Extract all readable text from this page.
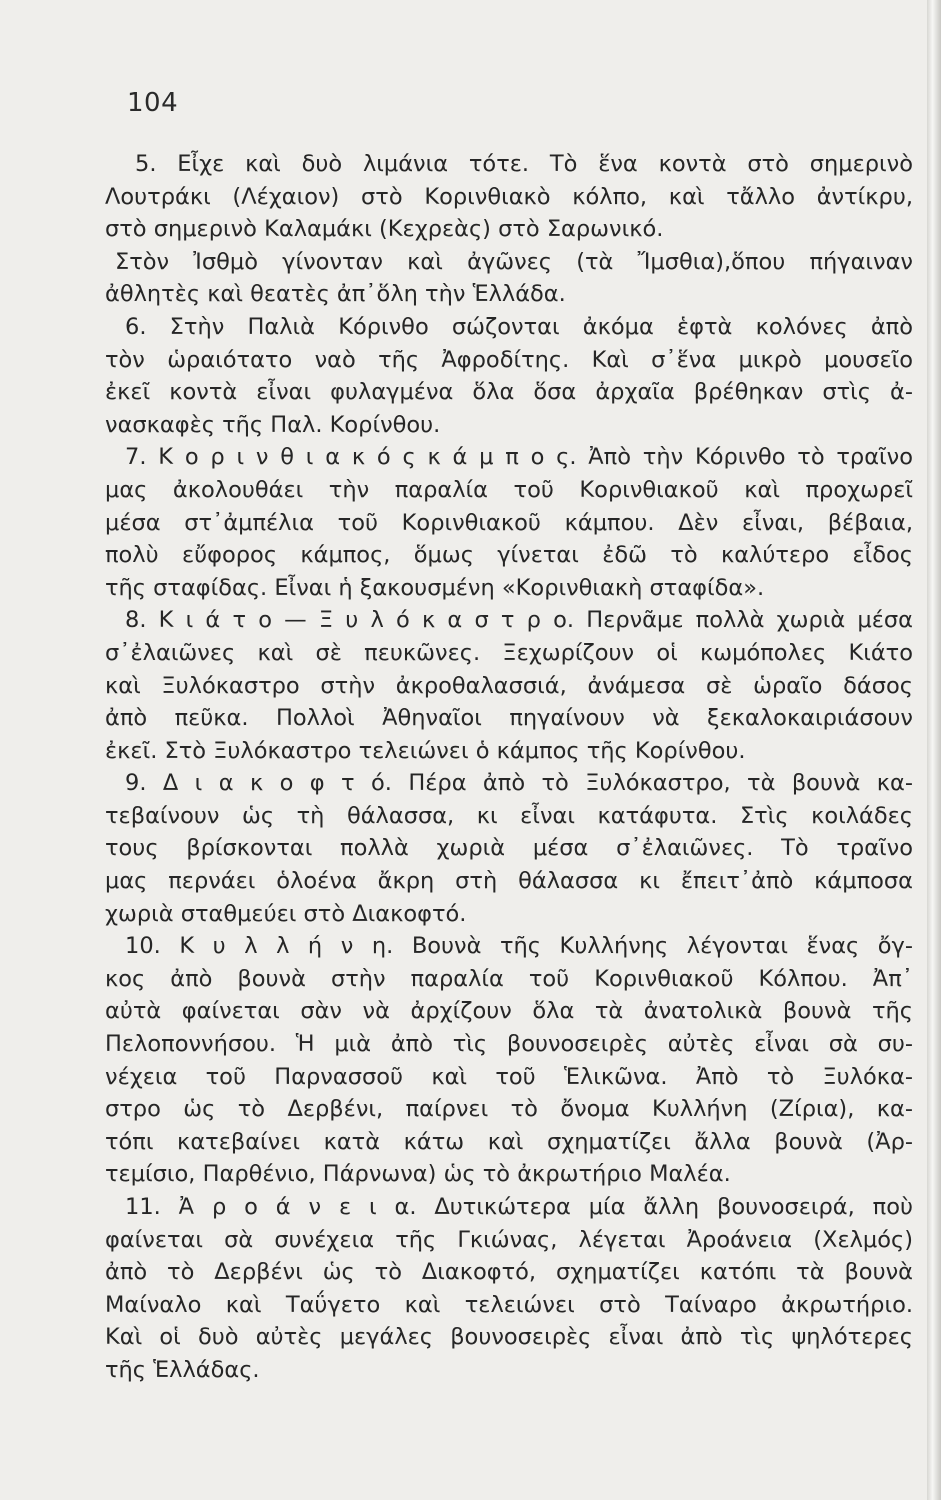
104
5. Εἶχε καὶ δυὸ λιμάνια τότε. Τὸ ἕνα κοντὰ στὸ σημερινὸ
Λουτράκι (Λέχαιον) στὸ Κορινθιακὸ κόλπο, καὶ τἄλλο ἀντίκρυ,
στὸ σημερινὸ Καλαμάκι (Κεχρεὰς) στὸ Σαρωνικό.
Στὸν Ἰσθμὸ γίνονταν καὶ ἀγῶνες (τὰ Ἴμσθια),ὅπου πήγαιναν
ἀθλητὲς καὶ θεατὲς ἀπ᾿ὅλη τὴν Ἑλλάδα.
6. Στὴν Παλιὰ Κόρινθο σώζονται ἀκόμα ἑφτὰ κολόνες ἀπὸ
τὸν ὡραιότατο ναὸ τῆς Ἀφροδίτης. Καὶ σ᾿ἕνα μικρὸ μουσεῖο
ἐκεῖ κοντὰ εἶναι φυλαγμένα ὅλα ὅσα ἀρχαῖα βρέθηκαν στὶς ἀ-
νασκαφὲς τῆς Παλ. Κορίνθου.
7. Κ ο ρ ι ν θ ι α κ ό ς κ ά μ π ο ς. Ἀπὸ τὴν Κόρινθο τὸ τραῖνο
μας ἀκολουθάει τὴν παραλία τοῦ Κορινθιακοῦ καὶ προχωρεῖ
μέσα στ᾿ἀμπέλια τοῦ Κορινθιακοῦ κάμπου. Δὲν εἶναι, βέβαια,
πολὺ εὔφορος κάμπος, ὅμως γίνεται ἐδῶ τὸ καλύτερο εἶδος
τῆς σταφίδας. Εἶναι ἡ ξακουσμένη «Κορινθιακὴ σταφίδα».
8. Κ ι ά τ ο — Ξ υ λ ό κ α σ τ ρ ο. Περνᾶμε πολλὰ χωριὰ μέσα
σ᾿ἐλαιῶνες καὶ σὲ πευκῶνες. Ξεχωρίζουν οἱ κωμόπολες Κιάτο
καὶ Ξυλόκαστρο στὴν ἀκροθαλασσιά, ἀνάμεσα σὲ ὡραῖο δάσος
ἀπὸ πεῦκα. Πολλοὶ Ἀθηναῖοι πηγαίνουν νὰ ξεκαλοκαιριάσουν
ἐκεῖ. Στὸ Ξυλόκαστρο τελειώνει ὁ κάμπος τῆς Κορίνθου.
9. Δ ι α κ ο φ τ ό. Πέρα ἀπὸ τὸ Ξυλόκαστρο, τὰ βουνὰ κα-
τεβαίνουν ὡς τὴ θάλασσα, κι εἶναι κατάφυτα. Στὶς κοιλάδες
τους βρίσκονται πολλὰ χωριὰ μέσα σ᾿ἐλαιῶνες. Τὸ τραῖνο
μας περνάει ὁλοένα ἄκρη στὴ θάλασσα κι ἔπειτ᾿ἀπὸ κάμποσα
χωριὰ σταθμεύει στὸ Διακοφτό.
10. Κ υ λ λ ή ν η. Βουνὰ τῆς Κυλλήνης λέγονται ἕνας ὄγ-
κος ἀπὸ βουνὰ στὴν παραλία τοῦ Κορινθιακοῦ Κόλπου. Ἀπ᾿
αὐτὰ φαίνεται σὰν νὰ ἀρχίζουν ὅλα τὰ ἀνατολικὰ βουνὰ τῆς
Πελοποννήσου. Ἡ μιὰ ἀπὸ τὶς βουνοσειρὲς αὐτὲς εἶναι σὰ συ-
νέχεια τοῦ Παρνασσοῦ καὶ τοῦ Ἑλικῶνα. Ἀπὸ τὸ Ξυλόκα-
στρο ὡς τὸ Δερβένι, παίρνει τὸ ὄνομα Κυλλήνη (Ζίρια), κα-
τόπι κατεβαίνει κατὰ κάτω καὶ σχηματίζει ἄλλα βουνὰ (Ἀρ-
τεμίσιο, Παρθένιο, Πάρνωνα) ὡς τὸ ἀκρωτήριο Μαλέα.
11. Ἀ ρ ο ά ν ε ι α. Δυτικώτερα μία ἄλλη βουνοσειρά, ποὺ
φαίνεται σὰ συνέχεια τῆς Γκιώνας, λέγεται Ἀροάνεια (Χελμός)
ἀπὸ τὸ Δερβένι ὡς τὸ Διακοφτό, σχηματίζει κατόπι τὰ βουνὰ
Μαίναλο καὶ Ταΰγετο καὶ τελειώνει στὸ Ταίναρο ἀκρωτήριο.
Καὶ οἱ δυὸ αὐτὲς μεγάλες βουνοσειρὲς εἶναι ἀπὸ τὶς ψηλότερες
τῆς Ἑλλάδας.
